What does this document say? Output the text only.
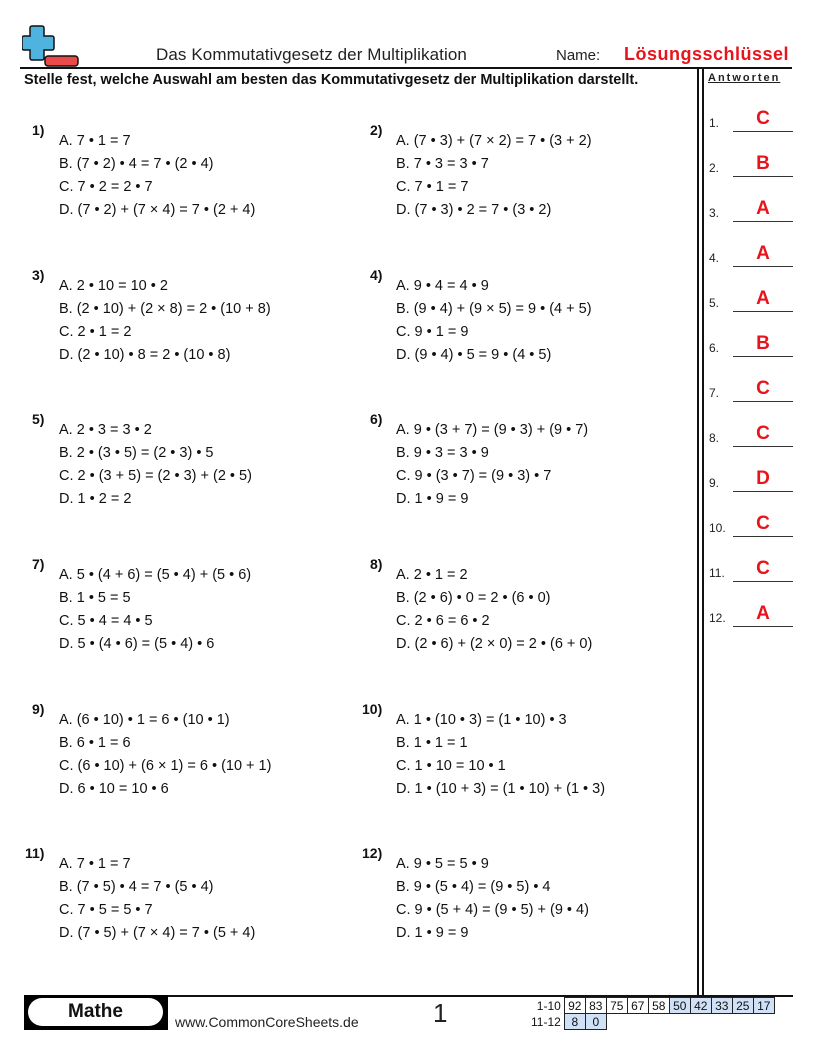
Das Kommutativgesetz der Multiplikation	Name: Lösungsschlüssel
Stelle fest, welche Auswahl am besten das Kommutativgesetz der Multiplikation darstellt.	Antworten
1.	C
2.	B
3.	A
4.	A
5.	A
6.	B
7.	C
8.	C
9.	D
10.	C
11.	C
12.	A
1)
A. 7 • 1 = 7
B. (7 • 2) • 4 = 7 • (2 • 4)
C. 7 • 2 = 2 • 7
D. (7 • 2) + (7 × 4) = 7 • (2 + 4)
2)
A. (7 • 3) + (7 × 2) = 7 • (3 + 2)
B. 7 • 3 = 3 • 7
C. 7 • 1 = 7
D. (7 • 3) • 2 = 7 • (3 • 2)
3)
A. 2 • 10 = 10 • 2
B. (2 • 10) + (2 × 8) = 2 • (10 + 8)
C. 2 • 1 = 2
D. (2 • 10) • 8 = 2 • (10 • 8)
4)
A. 9 • 4 = 4 • 9
B. (9 • 4) + (9 × 5) = 9 • (4 + 5)
C. 9 • 1 = 9
D. (9 • 4) • 5 = 9 • (4 • 5)
5)
A. 2 • 3 = 3 • 2
B. 2 • (3 • 5) = (2 • 3) • 5
C. 2 • (3 + 5) = (2 • 3) + (2 • 5)
D. 1 • 2 = 2
6)
A. 9 • (3 + 7) = (9 • 3) + (9 • 7)
B. 9 • 3 = 3 • 9
C. 9 • (3 • 7) = (9 • 3) • 7
D. 1 • 9 = 9
7)
A. 5 • (4 + 6) = (5 • 4) + (5 • 6)
B. 1 • 5 = 5
C. 5 • 4 = 4 • 5
D. 5 • (4 • 6) = (5 • 4) • 6
8)
A. 2 • 1 = 2
B. (2 • 6) • 0 = 2 • (6 • 0)
C. 2 • 6 = 6 • 2
D. (2 • 6) + (2 × 0) = 2 • (6 + 0)
9)
A. (6 • 10) • 1 = 6 • (10 • 1)
B. 6 • 1 = 6
C. (6 • 10) + (6 × 1) = 6 • (10 + 1)
D. 6 • 10 = 10 • 6
10)
A. 1 • (10 • 3) = (1 • 10) • 3
B. 1 • 1 = 1
C. 1 • 10 = 10 • 1
D. 1 • (10 + 3) = (1 • 10) + (1 • 3)
11)
A. 7 • 1 = 7
B. (7 • 5) • 4 = 7 • (5 • 4)
C. 7 • 5 = 5 • 7
D. (7 • 5) + (7 × 4) = 7 • (5 + 4)
12)
A. 9 • 5 = 5 • 9
B. 9 • (5 • 4) = (9 • 5) • 4
C. 9 • (5 + 4) = (9 • 5) + (9 • 4)
D. 1 • 9 = 9
Mathe	www.CommonCoreSheets.de	1	1-10	92	83	75	67	58	50	42	33	25	17
11-12	8	0								
